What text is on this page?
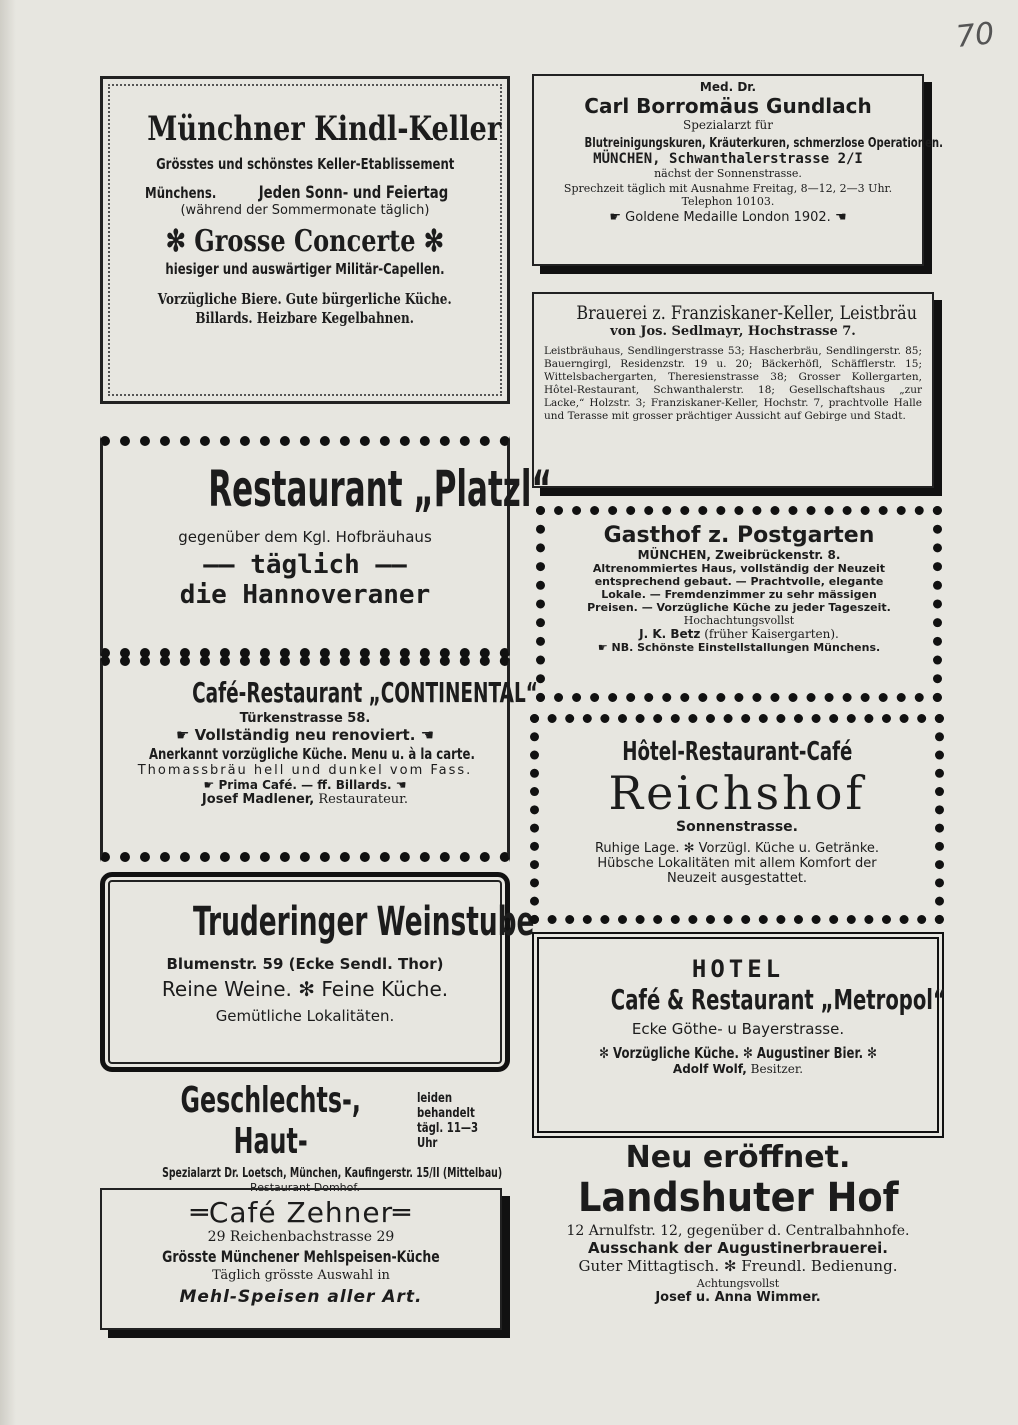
70
Münchner Kindl-Keller Grösstes und schönstes Keller-Etablissement Münchens. Jeden Sonn- und Feiertag
(während der Sommermonate täglich)
✻ Grosse Concerte ✻ hiesiger und auswärtiger Militär-Capellen. Vorzügliche Biere. Gute bürgerliche Küche. Billards. Heizbare Kegelbahnen.
Restaurant „Platzl“
gegenüber dem Kgl. Hofbräuhaus
—— täglich ——
die Hannoveraner
Café-Restaurant „CONTINENTAL“
Türkenstrasse 58.
☛ Vollständig neu renoviert. ☚
Anerkannt vorzügliche Küche. Menu u. à la carte.
Thomassbräu hell und dunkel vom Fass.
☛ Prima Café. — ff. Billards. ☚
Josef Madlener, Restaurateur.
Truderinger Weinstube
Blumenstr. 59 (Ecke Sendl. Thor)
Reine Weine. ✻ Feine Küche.
Gemütliche Lokalitäten.
Geschlechts-, Haut-
leiden behandelt
tägl. 11—3 Uhr
Spezialarzt Dr. Loetsch, München, Kaufingerstr. 15/II (Mittelbau)
Restaurant Domhof.
═Café Zehner═
29 Reichenbachstrasse 29
Grösste Münchener Mehlspeisen-Küche
Täglich grösste Auswahl in
Mehl-Speisen aller Art.
Med. Dr.
Carl Borromäus Gundlach
Spezialarzt für
Blutreinigungskuren, Kräuterkuren, schmerzlose Operationen.
MÜNCHEN, Schwanthalerstrasse 2/I
nächst der Sonnenstrasse.
Sprechzeit täglich mit Ausnahme Freitag, 8—12, 2—3 Uhr.
Telephon 10103.
☛ Goldene Medaille London 1902. ☚
Brauerei z. Franziskaner-Keller, Leistbräu
von Jos. Sedlmayr, Hochstrasse 7.
Leistbräuhaus, Sendlingerstrasse 53; Hascherbräu, Sendlingerstr. 85; Bauerngirgl, Residenzstr. 19 u. 20; Bäckerhöfl, Schäfflerstr. 15; Wittelsbachergarten, Theresienstrasse 38; Grosser Kollergarten, Hôtel-Restaurant, Schwanthalerstr. 18; Gesellschaftshaus „zur Lacke,“ Holzstr. 3; Franziskaner-Keller, Hochstr. 7, prachtvolle Halle und Terasse mit grosser prächtiger Aussicht auf Gebirge und Stadt.
Gasthof z. Postgarten
MÜNCHEN, Zweibrückenstr. 8.
Altrenommiertes Haus, vollständig der Neuzeit
entsprechend gebaut. — Prachtvolle, elegante
Lokale. — Fremdenzimmer zu sehr mässigen
Preisen. — Vorzügliche Küche zu jeder Tageszeit.
Hochachtungsvollst
J. K. Betz (früher Kaisergarten).
☛ NB. Schönste Einstellstallungen Münchens.
Hôtel-Restaurant-Café
Reichshof
Sonnenstrasse.
Ruhige Lage. ✻ Vorzügl. Küche u. Getränke.
Hübsche Lokalitäten mit allem Komfort der
Neuzeit ausgestattet.
HOTEL
Café & Restaurant „Metropol“
Ecke Göthe- u Bayerstrasse.
✻ Vorzügliche Küche. ✻ Augustiner Bier. ✻
Adolf Wolf, Besitzer.
Neu eröffnet.
Landshuter Hof
12 Arnulfstr. 12, gegenüber d. Centralbahnhofe.
Ausschank der Augustinerbrauerei.
Guter Mittagtisch. ✻ Freundl. Bedienung.
Achtungsvollst
Josef u. Anna Wimmer.
